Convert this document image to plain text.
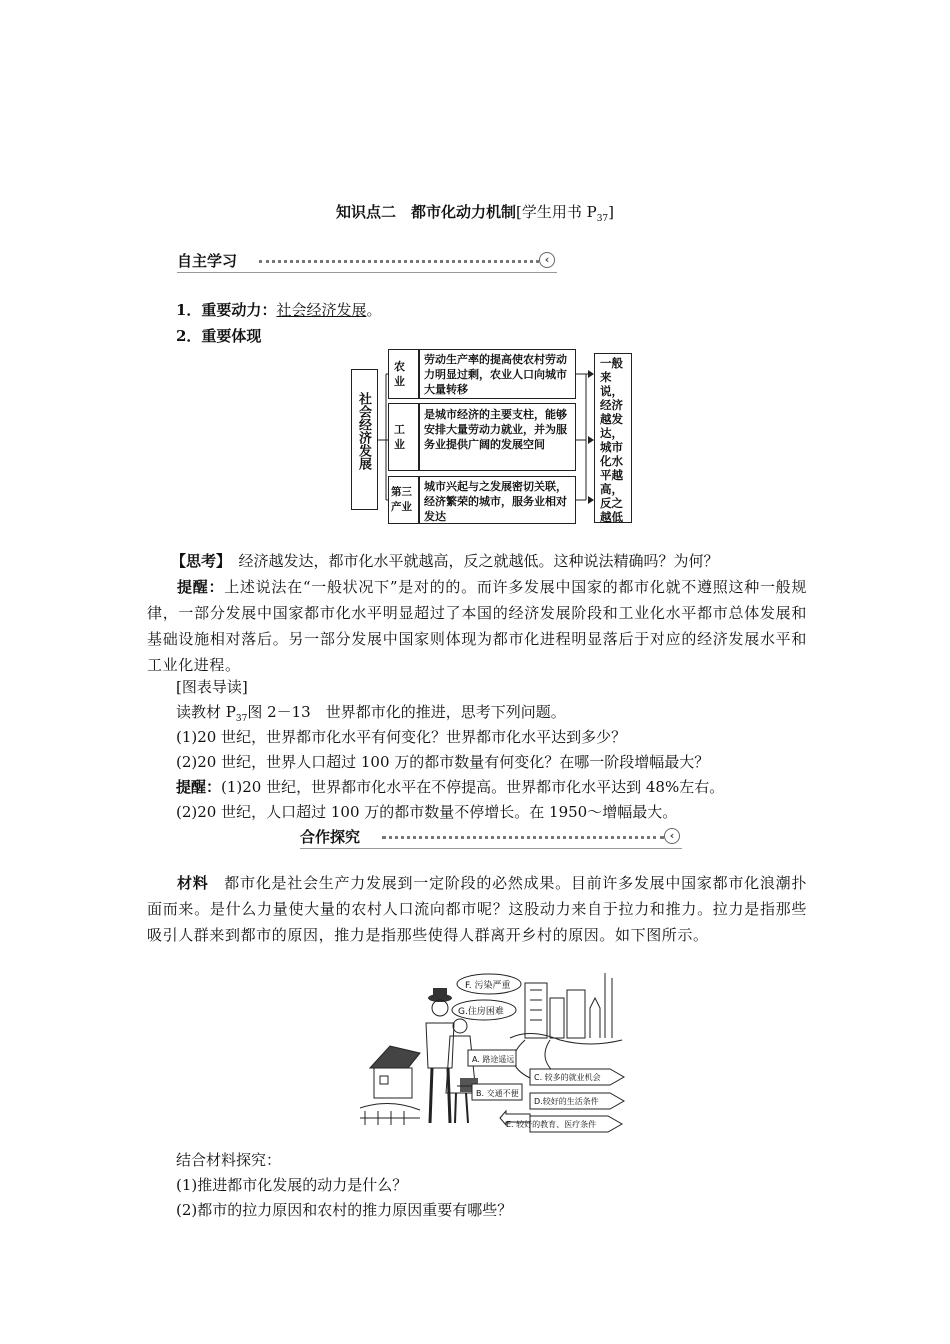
知识点二　都市化动力机制[学生用书 $P_{37}$]
自主学习	‹
1．重要动力：社会经济发展。
2．重要体现
社会经济发展
农业
劳动生产率的提高使农村劳动力明显过剩，农业人口向城市大量转移
工业
是城市经济的主要支柱，能够安排大量劳动力就业，并为服务业提供广阔的发展空间
第三产业
城市兴起与之发展密切关联，经济繁荣的城市，服务业相对发达
一般来说，经济越发达，城市化水平越高，反之越低
【思考】　经济越发达，都市化水平就越高，反之就越低。这种说法精确吗？为何？
提醒：上述说法在“一般状况下”是对的的。而许多发展中国家的都市化就不遵照这种一般规律，一部分发展中国家都市化水平明显超过了本国的经济发展阶段和工业化水平都市总体发展和基础设施相对落后。另一部分发展中国家则体现为都市化进程明显落后于对应的经济发展水平和工业化进程。
[图表导读]
读教材 $P_{37}$图 2－13　世界都市化的推进，思考下列问题。
(1)20 世纪，世界都市化水平有何变化？世界都市化水平达到多少？
(2)20 世纪，世界人口超过 100 万的都市数量有何变化？在哪一阶段增幅最大？
提醒：(1)20 世纪，世界都市化水平在不停提高。世界都市化水平达到 48%左右。
(2)20 世纪，人口超过 100 万的都市数量不停增长。在 1950～增幅最大。
合作探究	‹
材料　都市化是社会生产力发展到一定阶段的必然成果。目前许多发展中国家都市化浪潮扑面而来。是什么力量使大量的农村人口流向都市呢？这股动力来自于拉力和推力。拉力是指那些吸引人群来到都市的原因，推力是指那些使得人群离开乡村的原因。如下图所示。
F. 污染严重
G.住房困难
A. 路途遥远
B. 交通不便
C. 较多的就业机会
D.较好的生活条件
E. 较好的教育、医疗条件
结合材料探究：
(1)推进都市化发展的动力是什么？
(2)都市的拉力原因和农村的推力原因重要有哪些？
